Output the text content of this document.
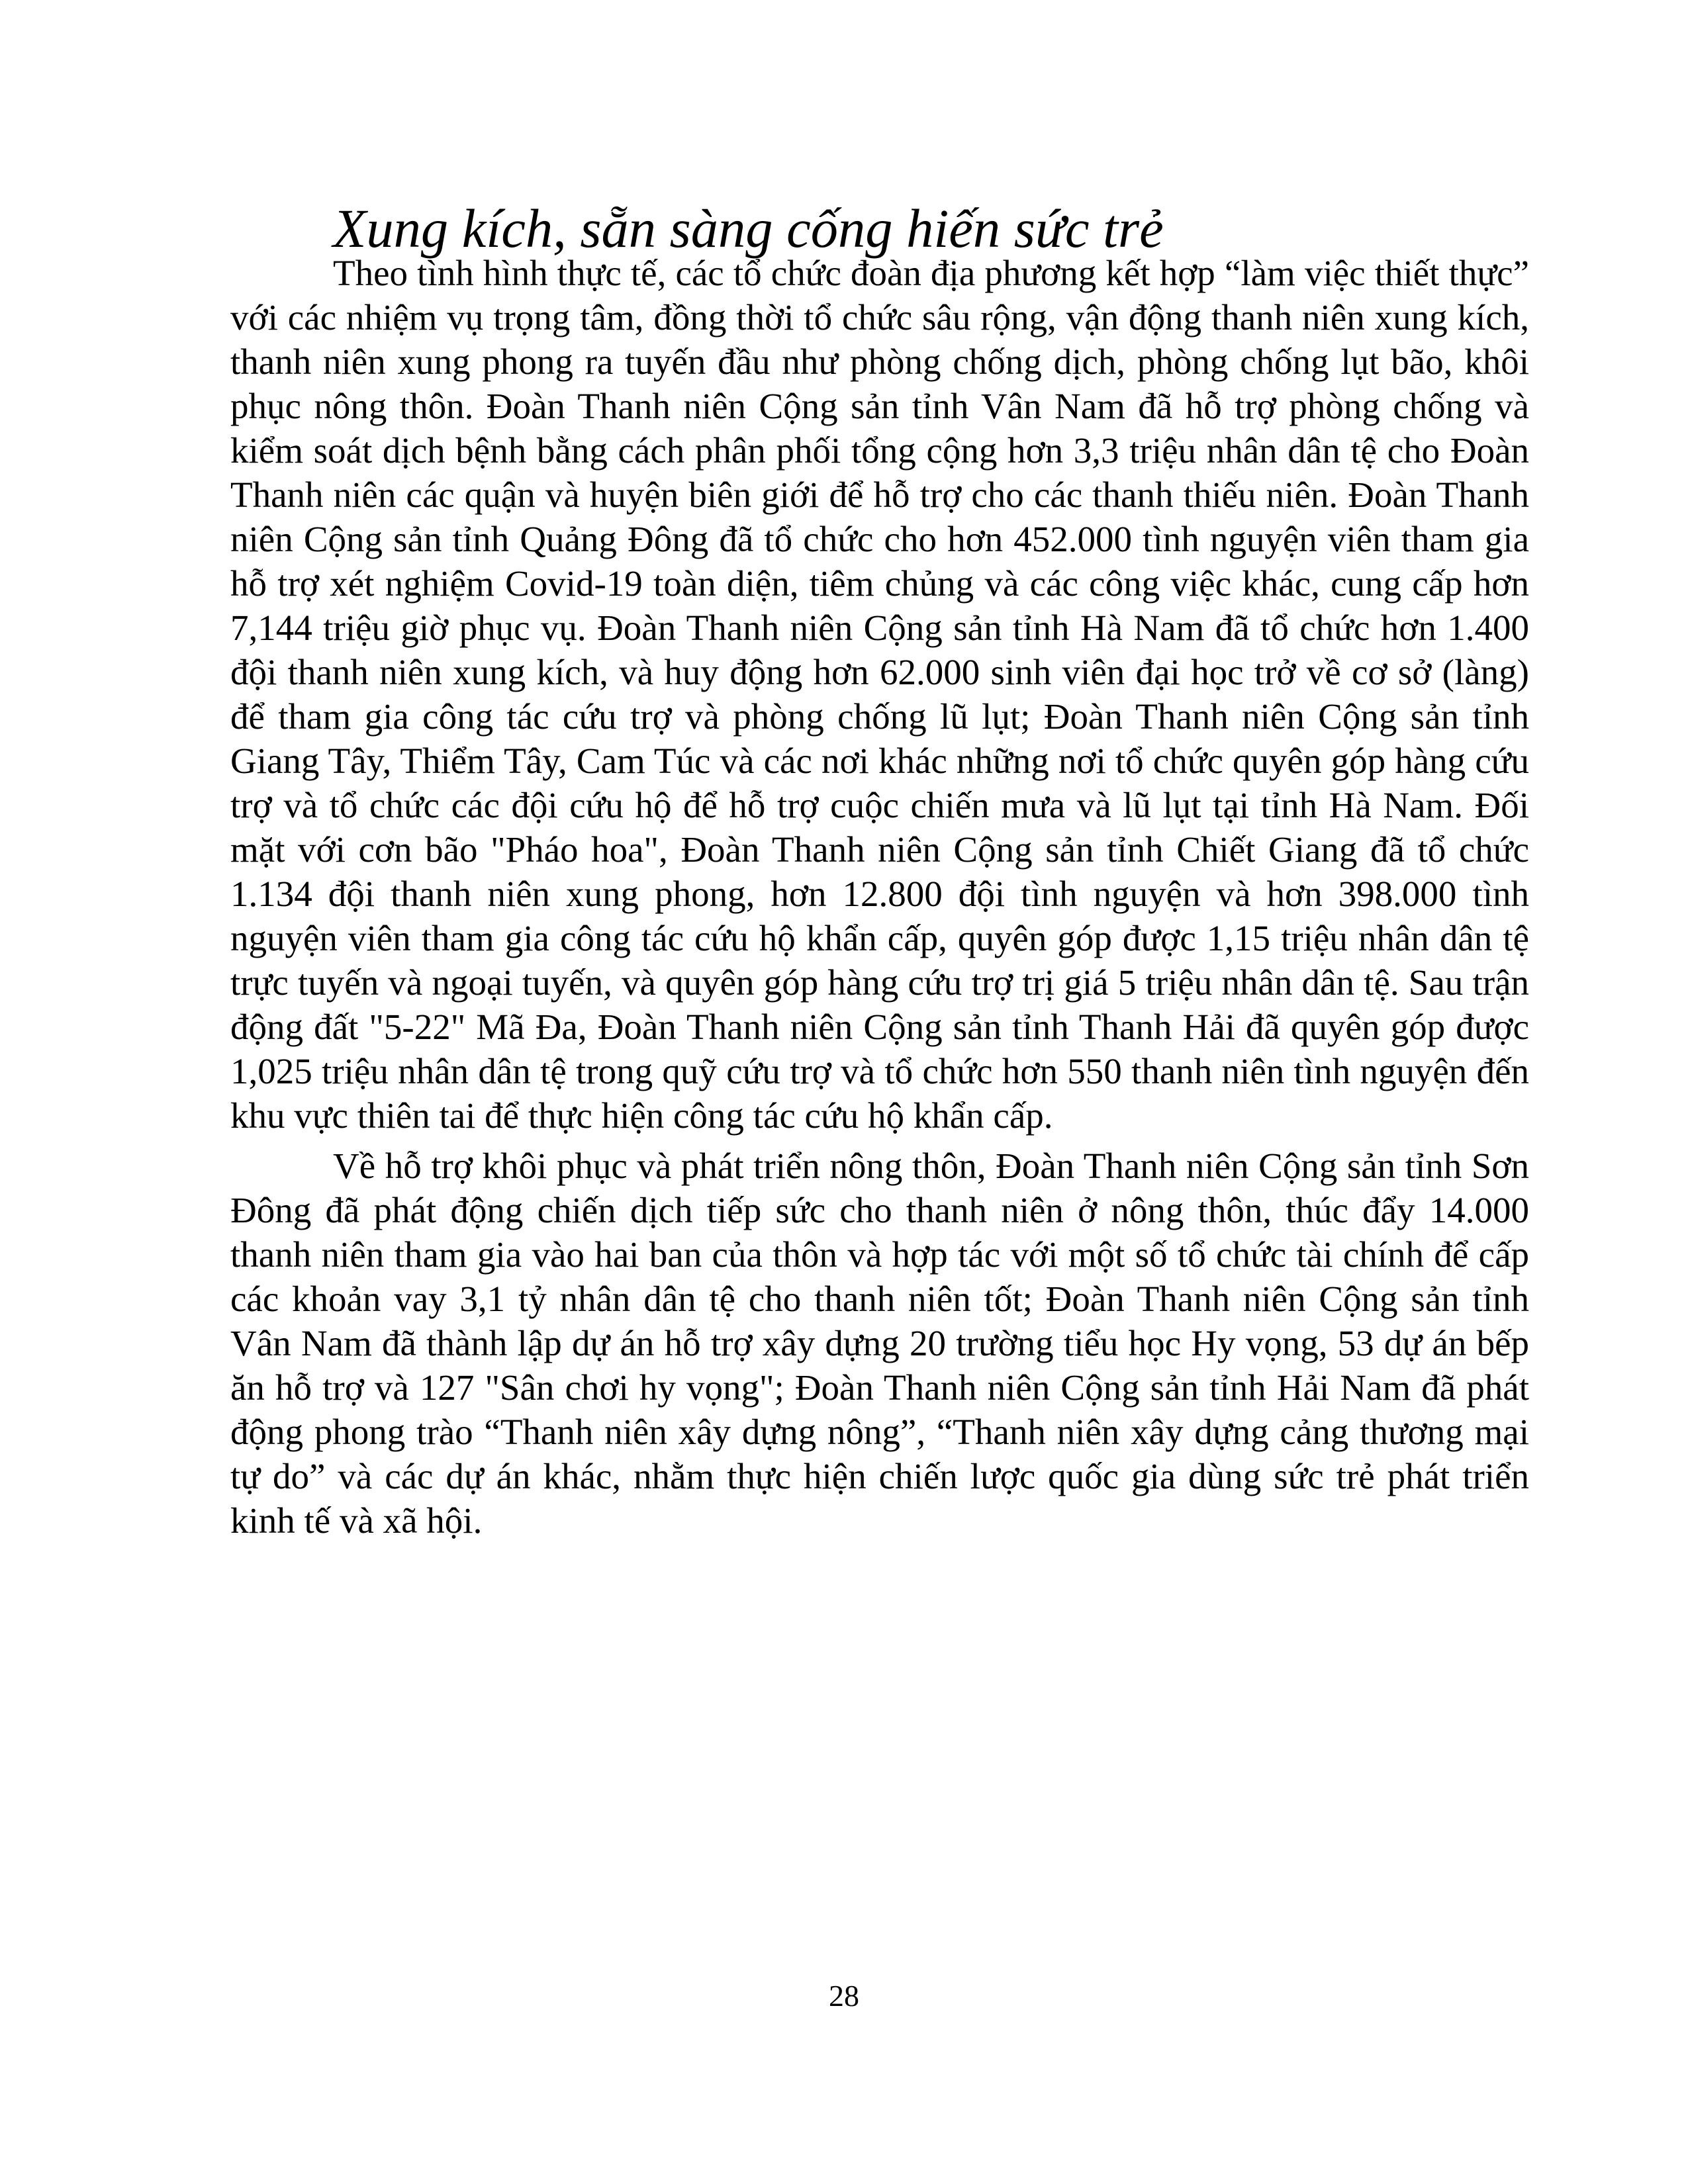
Xung kích, sẵn sàng cống hiến sức trẻ

Theo tình hình thực tế, các tổ chức đoàn địa phương kết hợp “làm việc thiết thực” với các nhiệm vụ trọng tâm, đồng thời tổ chức sâu rộng, vận động thanh niên xung kích, thanh niên xung phong ra tuyến đầu như phòng chống dịch, phòng chống lụt bão, khôi phục nông thôn. Đoàn Thanh niên Cộng sản tỉnh Vân Nam đã hỗ trợ phòng chống và kiểm soát dịch bệnh bằng cách phân phối tổng cộng hơn 3,3 triệu nhân dân tệ cho Đoàn Thanh niên các quận và huyện biên giới để hỗ trợ cho các thanh thiếu niên. Đoàn Thanh niên Cộng sản tỉnh Quảng Đông đã tổ chức cho hơn 452.000 tình nguyện viên tham gia hỗ trợ xét nghiệm Covid-19 toàn diện, tiêm chủng và các công việc khác, cung cấp hơn 7,144 triệu giờ phục vụ. Đoàn Thanh niên Cộng sản tỉnh Hà Nam đã tổ chức hơn 1.400 đội thanh niên xung kích, và huy động hơn 62.000 sinh viên đại học trở về cơ sở (làng) để tham gia công tác cứu trợ và phòng chống lũ lụt; Đoàn Thanh niên Cộng sản tỉnh Giang Tây, Thiểm Tây, Cam Túc và các nơi khác những nơi tổ chức quyên góp hàng cứu trợ và tổ chức các đội cứu hộ để hỗ trợ cuộc chiến mưa và lũ lụt tại tỉnh Hà Nam. Đối mặt với cơn bão "Pháo hoa", Đoàn Thanh niên Cộng sản tỉnh Chiết Giang đã tổ chức 1.134 đội thanh niên xung phong, hơn 12.800 đội tình nguyện và hơn 398.000 tình nguyện viên tham gia công tác cứu hộ khẩn cấp, quyên góp được 1,15 triệu nhân dân tệ trực tuyến và ngoại tuyến, và quyên góp hàng cứu trợ trị giá 5 triệu nhân dân tệ. Sau trận động đất "5-22" Mã Đa, Đoàn Thanh niên Cộng sản tỉnh Thanh Hải đã quyên góp được 1,025 triệu nhân dân tệ trong quỹ cứu trợ và tổ chức hơn 550 thanh niên tình nguyện đến khu vực thiên tai để thực hiện công tác cứu hộ khẩn cấp.

Về hỗ trợ khôi phục và phát triển nông thôn, Đoàn Thanh niên Cộng sản tỉnh Sơn Đông đã phát động chiến dịch tiếp sức cho thanh niên ở nông thôn, thúc đẩy 14.000 thanh niên tham gia vào hai ban của thôn và hợp tác với một số tổ chức tài chính để cấp các khoản vay 3,1 tỷ nhân dân tệ cho thanh niên tốt; Đoàn Thanh niên Cộng sản tỉnh Vân Nam đã thành lập dự án hỗ trợ xây dựng 20 trường tiểu học Hy vọng, 53 dự án bếp ăn hỗ trợ và 127 "Sân chơi hy vọng"; Đoàn Thanh niên Cộng sản tỉnh Hải Nam đã phát động phong trào “Thanh niên xây dựng nông”, “Thanh niên xây dựng cảng thương mại tự do” và các dự án khác, nhằm thực hiện chiến lược quốc gia dùng sức trẻ phát triển kinh tế và xã hội.

28
